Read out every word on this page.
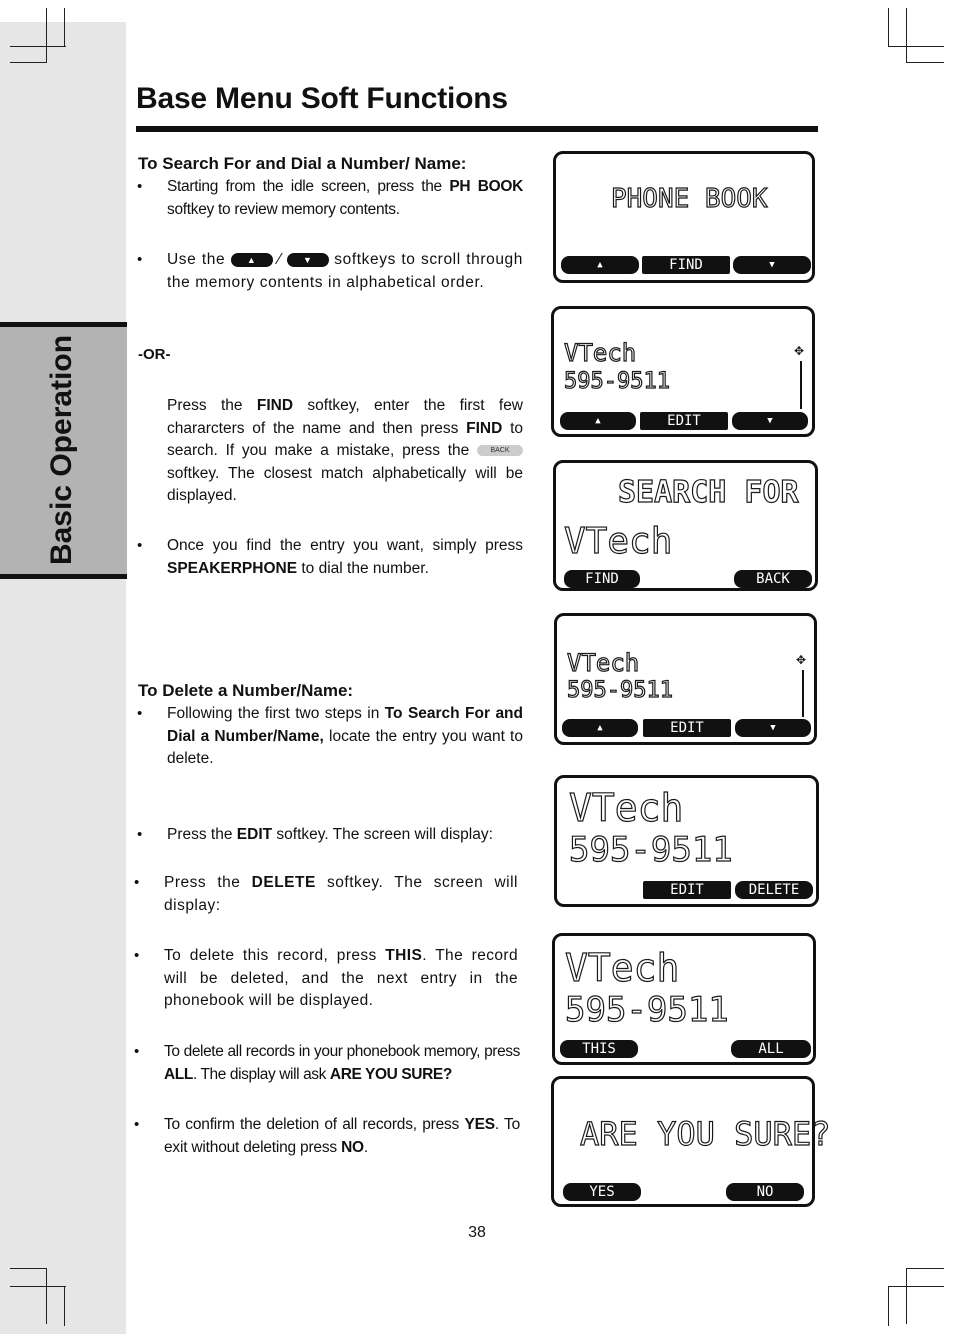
Basic Operation
Base Menu Soft Functions
To Search For and Dial a Number/ Name:
• Starting from the idle screen, press the PH BOOK softkey to review memory contents.
• Use the ▲ ⁄ ▼ softkeys to scroll through the memory contents in alphabetical order.
-OR-
Press the FIND softkey, enter the first few chararcters of the name and then press FIND to search. If you make a mistake, press the BACK softkey. The closest match alphabetically will be displayed.
• Once you find the entry you want, simply press SPEAKERPHONE to dial the number.
To Delete a Number/Name:
• Following the first two steps in To Search For and Dial a Number/Name, locate the entry you want to delete.
• Press the EDIT softkey. The screen will display:
• Press the DELETE softkey. The screen will display:
• To delete this record, press THIS. The record will be deleted, and the next entry in the phonebook will be displayed.
• To delete all records in your phonebook memory, press ALL. The display will ask ARE YOU SURE?
• To confirm the deletion of all records, press YES. To exit without deleting press NO.
PHONE BOOK
▲	FIND	▼
VTech
595-9511
✥
▲	EDIT	▼
SEARCH FOR
VTech
FIND	BACK
VTech
595-9511
✥
▲	EDIT	▼
VTech
595-9511
EDIT	DELETE
VTech
595-9511
THIS	ALL
ARE YOU SURE?
YES	NO
38
